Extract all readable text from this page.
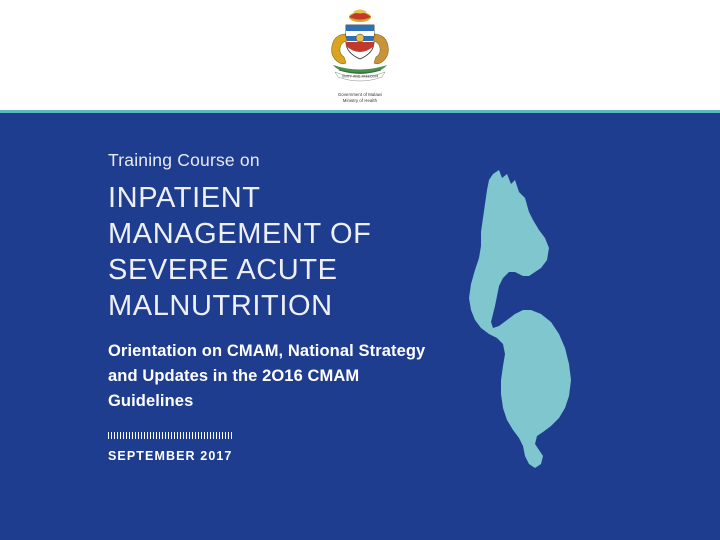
UNITY AND FREEDOM
Government of Malawi
Ministry of Health

Training Course on

INPATIENT MANAGEMENT OF SEVERE ACUTE MALNUTRITION

Orientation on CMAM, National Strategy and Updates in the 2O16 CMAM Guidelines

SEPTEMBER 2017
